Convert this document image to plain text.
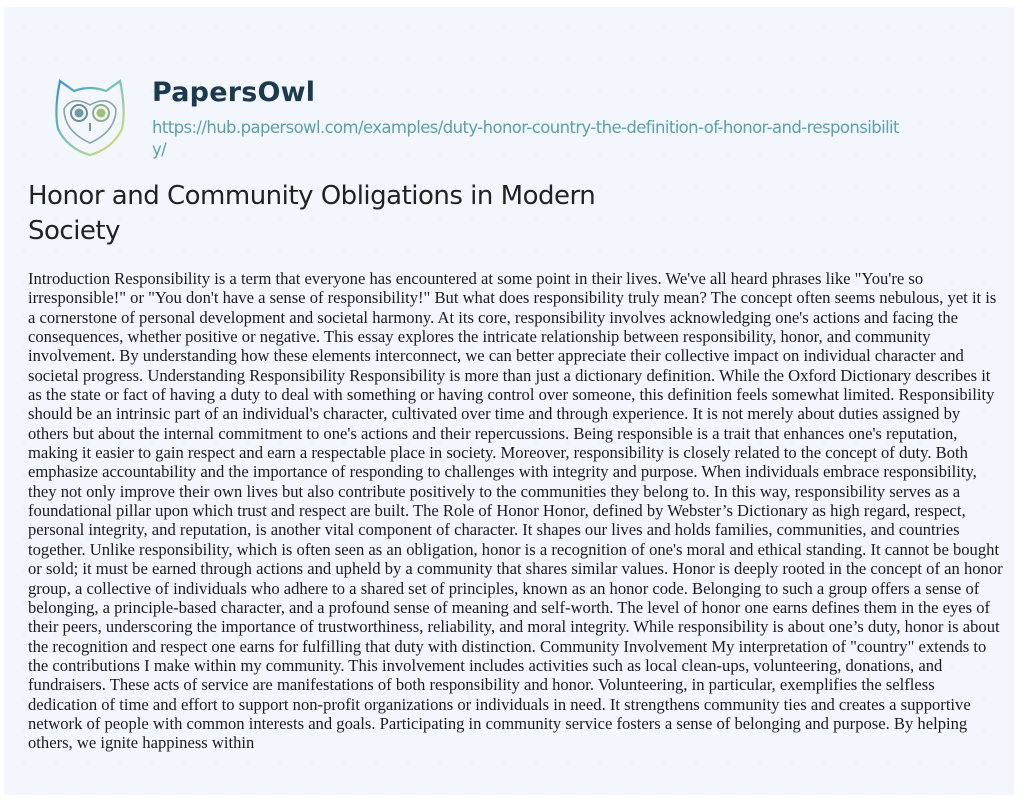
PapersOwl
https://hub.papersowl.com/examples/duty-honor-country-the-definition-of-honor-and-responsibility/
Honor and Community Obligations in Modern Society

Introduction Responsibility is a term that everyone has encountered at some point in their lives. We've all heard phrases like "You're so irresponsible!" or "You don't have a sense of responsibility!" But what does responsibility truly mean? The concept often seems nebulous, yet it is a cornerstone of personal development and societal harmony. At its core, responsibility involves acknowledging one's actions and facing the consequences, whether positive or negative. This essay explores the intricate relationship between responsibility, honor, and community involvement. By understanding how these elements interconnect, we can better appreciate their collective impact on individual character and societal progress. Understanding Responsibility Responsibility is more than just a dictionary definition. While the Oxford Dictionary describes it as the state or fact of having a duty to deal with something or having control over someone, this definition feels somewhat limited. Responsibility should be an intrinsic part of an individual's character, cultivated over time and through experience. It is not merely about duties assigned by others but about the internal commitment to one's actions and their repercussions. Being responsible is a trait that enhances one's reputation, making it easier to gain respect and earn a respectable place in society. Moreover, responsibility is closely related to the concept of duty. Both emphasize accountability and the importance of responding to challenges with integrity and purpose. When individuals embrace responsibility, they not only improve their own lives but also contribute positively to the communities they belong to. In this way, responsibility serves as a foundational pillar upon which trust and respect are built. The Role of Honor Honor, defined by Webster’s Dictionary as high regard, respect, personal integrity, and reputation, is another vital component of character. It shapes our lives and holds families, communities, and countries together. Unlike responsibility, which is often seen as an obligation, honor is a recognition of one's moral and ethical standing. It cannot be bought or sold; it must be earned through actions and upheld by a community that shares similar values. Honor is deeply rooted in the concept of an honor group, a collective of individuals who adhere to a shared set of principles, known as an honor code. Belonging to such a group offers a sense of belonging, a principle-based character, and a profound sense of meaning and self-worth. The level of honor one earns defines them in the eyes of their peers, underscoring the importance of trustworthiness, reliability, and moral integrity. While responsibility is about one’s duty, honor is about the recognition and respect one earns for fulfilling that duty with distinction. Community Involvement My interpretation of "country" extends to the contributions I make within my community. This involvement includes activities such as local clean-ups, volunteering, donations, and fundraisers. These acts of service are manifestations of both responsibility and honor. Volunteering, in particular, exemplifies the selfless dedication of time and effort to support non-profit organizations or individuals in need. It strengthens community ties and creates a supportive network of people with common interests and goals. Participating in community service fosters a sense of belonging and purpose. By helping others, we ignite happiness within
